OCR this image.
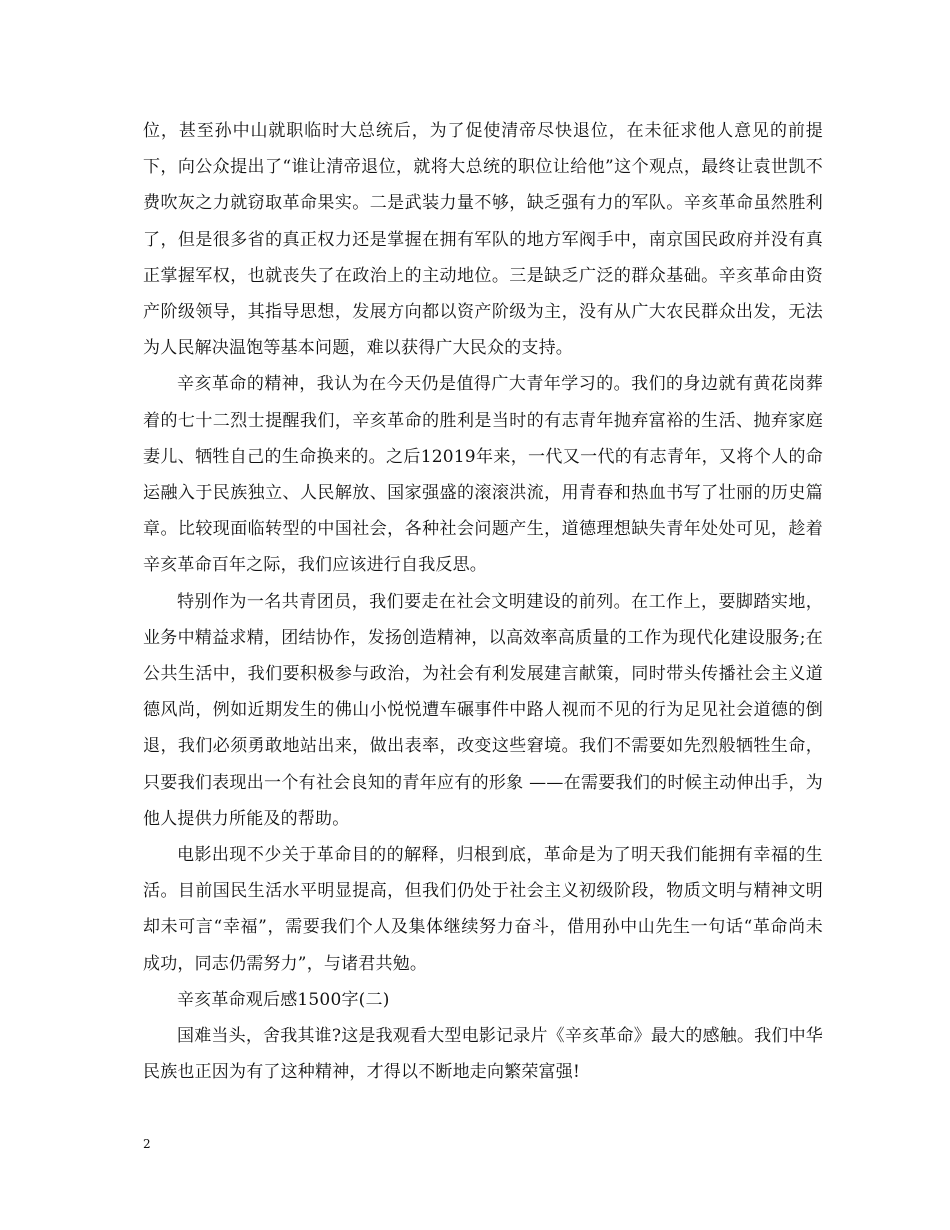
位，甚至孙中山就职临时大总统后，为了促使清帝尽快退位，在未征求他人意见的前提下，向公众提出了“谁让清帝退位，就将大总统的职位让给他”这个观点，最终让袁世凯不费吹灰之力就窃取革命果实。二是武装力量不够，缺乏强有力的军队。辛亥革命虽然胜利了，但是很多省的真正权力还是掌握在拥有军队的地方军阀手中，南京国民政府并没有真正掌握军权，也就丧失了在政治上的主动地位。三是缺乏广泛的群众基础。辛亥革命由资产阶级领导，其指导思想，发展方向都以资产阶级为主，没有从广大农民群众出发，无法为人民解决温饱等基本问题，难以获得广大民众的支持。

辛亥革命的精神，我认为在今天仍是值得广大青年学习的。我们的身边就有黄花岗葬着的七十二烈士提醒我们，辛亥革命的胜利是当时的有志青年抛弃富裕的生活、抛弃家庭妻儿、牺牲自己的生命换来的。之后12019年来，一代又一代的有志青年，又将个人的命运融入于民族独立、人民解放、国家强盛的滚滚洪流，用青春和热血书写了壮丽的历史篇章。比较现面临转型的中国社会，各种社会问题产生，道德理想缺失青年处处可见，趁着辛亥革命百年之际，我们应该进行自我反思。

特别作为一名共青团员，我们要走在社会文明建设的前列。在工作上，要脚踏实地，业务中精益求精，团结协作，发扬创造精神，以高效率高质量的工作为现代化建设服务;在公共生活中，我们要积极参与政治，为社会有利发展建言献策，同时带头传播社会主义道德风尚，例如近期发生的佛山小悦悦遭车碾事件中路人视而不见的行为足见社会道德的倒退，我们必须勇敢地站出来，做出表率，改变这些窘境。我们不需要如先烈般牺牲生命，只要我们表现出一个有社会良知的青年应有的形象 ——在需要我们的时候主动伸出手，为他人提供力所能及的帮助。

电影出现不少关于革命目的的解释，归根到底，革命是为了明天我们能拥有幸福的生活。目前国民生活水平明显提高，但我们仍处于社会主义初级阶段，物质文明与精神文明却未可言“幸福”，需要我们个人及集体继续努力奋斗，借用孙中山先生一句话“革命尚未成功，同志仍需努力”，与诸君共勉。

辛亥革命观后感1500字(二)

国难当头，舍我其谁?这是我观看大型电影记录片《辛亥革命》最大的感触。我们中华民族也正因为有了这种精神，才得以不断地走向繁荣富强!

2
